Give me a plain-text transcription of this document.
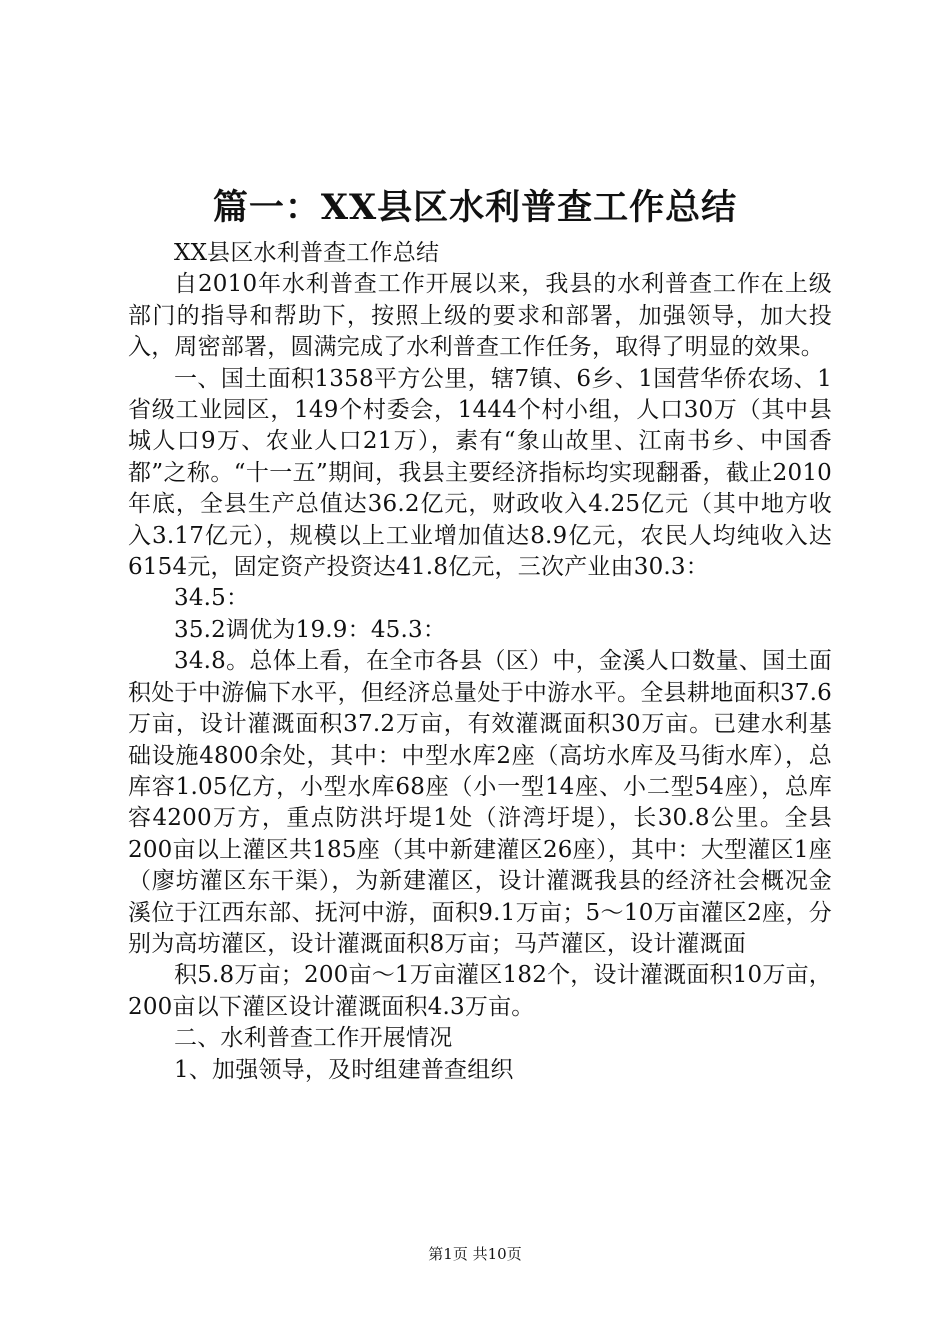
篇一：XX县区水利普查工作总结

XX县区水利普查工作总结

自2010年水利普查工作开展以来，我县的水利普查工作在上级部门的指导和帮助下，按照上级的要求和部署，加强领导，加大投入，周密部署，圆满完成了水利普查工作任务，取得了明显的效果。

一、国土面积1358平方公里，辖7镇、6乡、1国营华侨农场、1省级工业园区，149个村委会，1444个村小组，人口30万（其中县城人口9万、农业人口21万），素有“象山故里、江南书乡、中国香都”之称。“十一五”期间，我县主要经济指标均实现翻番，截止2010年底，全县生产总值达36.2亿元，财政收入4.25亿元（其中地方收入3.17亿元），规模以上工业增加值达8.9亿元，农民人均纯收入达6154元，固定资产投资达41.8亿元，三次产业由30.3：

34.5：

35.2调优为19.9：45.3：

34.8。总体上看，在全市各县（区）中，金溪人口数量、国土面积处于中游偏下水平，但经济总量处于中游水平。全县耕地面积37.6万亩，设计灌溉面积37.2万亩，有效灌溉面积30万亩。已建水利基础设施4800余处，其中：中型水库2座（高坊水库及马街水库），总库容1.05亿方，小型水库68座（小一型14座、小二型54座），总库容4200万方，重点防洪圩堤1处（浒湾圩堤），长30.8公里。全县200亩以上灌区共185座（其中新建灌区26座），其中：大型灌区1座（廖坊灌区东干渠），为新建灌区，设计灌溉我县的经济社会概况金溪位于江西东部、抚河中游，面积9.1万亩；5～10万亩灌区2座，分别为高坊灌区，设计灌溉面积8万亩；马芦灌区，设计灌溉面

积5.8万亩；200亩～1万亩灌区182个，设计灌溉面积10万亩，200亩以下灌区设计灌溉面积4.3万亩。

二、水利普查工作开展情况

1、加强领导，及时组建普查组织

第1页 共10页
